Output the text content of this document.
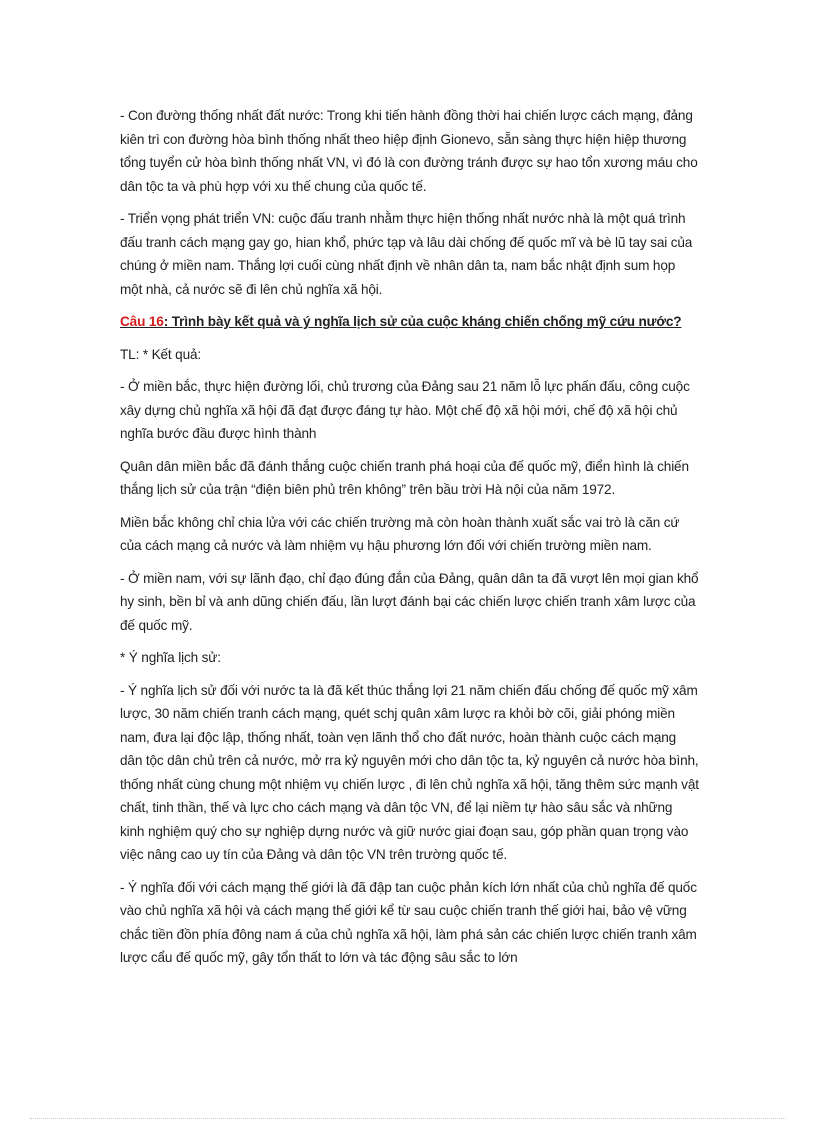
- Con đường thống nhất đất nước: Trong khi tiến hành đồng thời hai chiến lược cách mạng, đảng kiên trì con đường hòa bình thống nhất theo hiệp định Gionevo, sẵn sàng thực hiện hiệp thương tổng tuyển cử hòa bình thống nhất VN, vì đó là con đường tránh được sự hao tổn xương máu cho dân tộc ta và phù hợp với xu thế chung của quốc tế.

- Triển vọng phát triển VN: cuộc đấu tranh nhằm thực hiện thống nhất nước nhà là một quá trình đấu tranh cách mạng gay go, hian khổ, phức tạp và lâu dài chống đế quốc mĩ và bè lũ tay sai của chúng ở miền nam. Thắng lợi cuối cùng nhất định về nhân dân ta, nam bắc nhật định sum họp một nhà, cả nước sẽ đi lên chủ nghĩa xã hội.

Câu 16: Trình bày kết quả và ý nghĩa lịch sử của cuộc kháng chiến chống mỹ cứu nước?

TL: * Kết quả:

- Ở miền bắc, thực hiện đường lối, chủ trương của Đảng sau 21 năm lỗ lực phấn đấu, công cuộc xây dựng chủ nghĩa xã hội đã đạt được đáng tự hào. Một chế độ xã hội mới, chế độ xã hội chủ nghĩa bước đầu được hình thành

Quân dân miền bắc đã đánh thắng cuộc chiến tranh phá hoại của đế quốc mỹ, điển hình là chiến thắng lịch sử của trận “điện biên phủ trên không” trên bầu trời Hà nội của năm 1972.

Miền bắc không chỉ chia lửa với các chiến trường mà còn hoàn thành xuất sắc vai trò là căn cứ của cách mạng cả nước và làm nhiệm vụ hậu phương lớn đối với chiến trường miền nam.

- Ở miền nam, với sự lãnh đạo, chỉ đạo đúng đắn của Đảng, quân dân ta đã vượt lên mọi gian khổ hy sinh, bền bỉ và anh dũng chiến đấu, lần lượt đánh bại các chiến lược chiến tranh xâm lược của đế quốc mỹ.

* Ý nghĩa lịch sử:

- Ý nghĩa lịch sử đối với nước ta là đã kết thúc thắng lợi 21 năm chiến đấu chống đế quốc mỹ xâm lược, 30 năm chiến tranh cách mạng, quét schj quân xâm lược ra khỏi bờ cõi, giải phóng miền nam, đưa lại độc lập, thống nhất, toàn vẹn lãnh thổ cho đất nước, hoàn thành cuộc cách mạng dân tộc dân chủ trên cả nước, mở rra kỷ nguyên mới cho dân tộc ta, kỷ nguyên cả nước hòa bình, thống nhất cùng chung một nhiệm vụ chiến lược , đi lên chủ nghĩa xã hội, tăng thêm sức mạnh vật chất, tinh thần, thế và lực cho cách mạng và dân tộc VN, để lại niềm tự hào sâu sắc và những kinh nghiệm quý cho sự nghiệp dựng nước và giữ nước giai đoạn sau, góp phần quan trọng vào việc nâng cao uy tín của Đảng và dân tộc VN trên trường quốc tế.

- Ý nghĩa đối với cách mạng thế giới là đã đập tan cuộc phản kích lớn nhất của chủ nghĩa đế quốc vào chủ nghĩa xã hội và cách mạng thế giới kể từ sau cuộc chiến tranh thế giới hai, bảo vệ vững chắc tiền đồn phía đông nam á của chủ nghĩa xã hội, làm phá sản các chiến lược chiến tranh xâm lược cẩu đế quốc mỹ, gây tổn thất to lớn và tác động sâu sắc to lớn
